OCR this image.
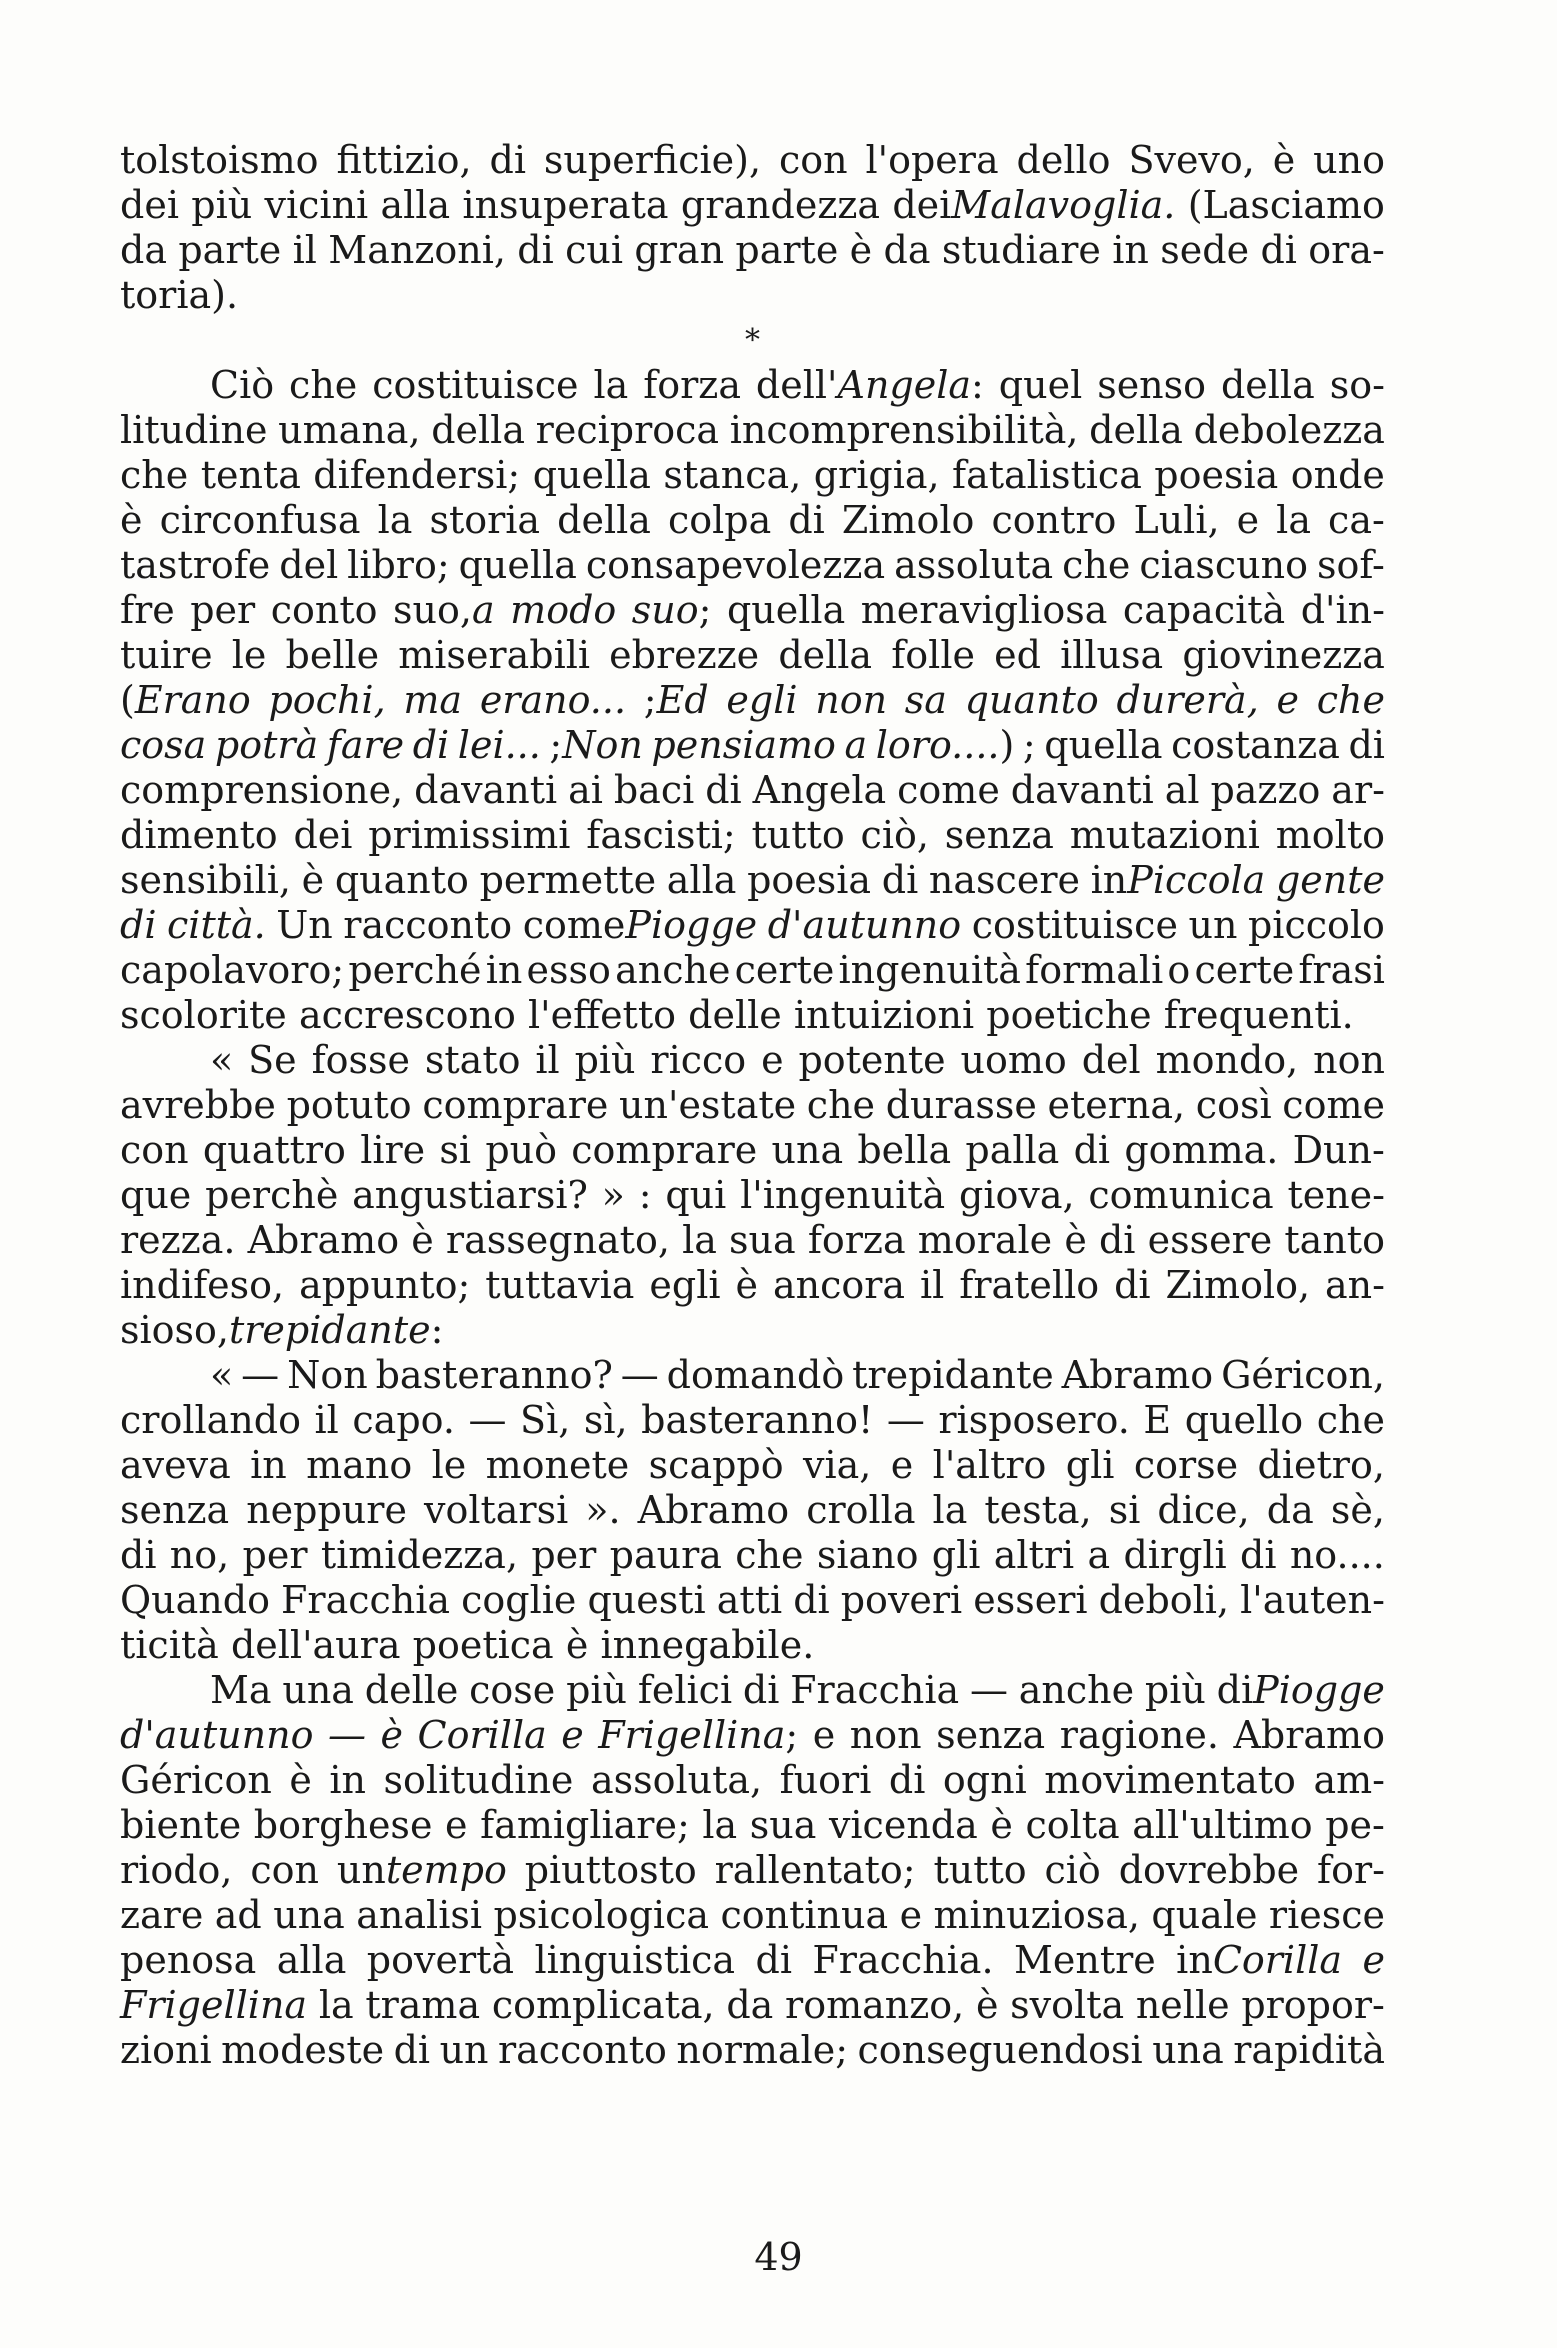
tolstoismo fittizio, di superficie), con l'opera dello Svevo, è uno
dei più vicini alla insuperata grandezza deiMalavoglia. (Lasciamo
da parte il Manzoni, di cui gran parte è da studiare in sede di ora-
toria).
*
Ciò che costituisce la forza dell'Angela: quel senso della so-
litudine umana, della reciproca incomprensibilità, della debolezza
che tenta difendersi; quella stanca, grigia, fatalistica poesia onde
è circonfusa la storia della colpa di Zimolo contro Luli, e la ca-
tastrofe del libro; quella consapevolezza assoluta che ciascuno sof-
fre per conto suo,a modo suo; quella meravigliosa capacità d'in-
tuire le belle miserabili ebrezze della folle ed illusa giovinezza
(Erano pochi, ma erano... ;Ed egli non sa quanto durerà, e che
cosa potrà fare di lei... ;Non pensiamo a loro....) ; quella costanza di
comprensione, davanti ai baci di Angela come davanti al pazzo ar-
dimento dei primissimi fascisti; tutto ciò, senza mutazioni molto
sensibili, è quanto permette alla poesia di nascere inPiccola gente
di città. Un racconto comePiogge d'autunno costituisce un piccolo
capolavoro; perché in esso anche certe ingenuità formali o certe frasi
scolorite accrescono l'effetto delle intuizioni poetiche frequenti.
« Se fosse stato il più ricco e potente uomo del mondo, non
avrebbe potuto comprare un'estate che durasse eterna, così come
con quattro lire si può comprare una bella palla di gomma. Dun-
que perchè angustiarsi? » : qui l'ingenuità giova, comunica tene-
rezza. Abramo è rassegnato, la sua forza morale è di essere tanto
indifeso, appunto; tuttavia egli è ancora il fratello di Zimolo, an-
sioso,trepidante:
« — Non basteranno? — domandò trepidante Abramo Géricon,
crollando il capo. — Sì, sì, basteranno! — risposero. E quello che
aveva in mano le monete scappò via, e l'altro gli corse dietro,
senza neppure voltarsi ». Abramo crolla la testa, si dice, da sè,
di no, per timidezza, per paura che siano gli altri a dirgli di no....
Quando Fracchia coglie questi atti di poveri esseri deboli, l'auten-
ticità dell'aura poetica è innegabile.
Ma una delle cose più felici di Fracchia — anche più diPiogge
d'autunno — è Corilla e Frigellina; e non senza ragione. Abramo
Géricon è in solitudine assoluta, fuori di ogni movimentato am-
biente borghese e famigliare; la sua vicenda è colta all'ultimo pe-
riodo, con untempo piuttosto rallentato; tutto ciò dovrebbe for-
zare ad una analisi psicologica continua e minuziosa, quale riesce
penosa alla povertà linguistica di Fracchia. Mentre inCorilla e
Frigellina la trama complicata, da romanzo, è svolta nelle propor-
zioni modeste di un racconto normale; conseguendosi una rapidità
49
